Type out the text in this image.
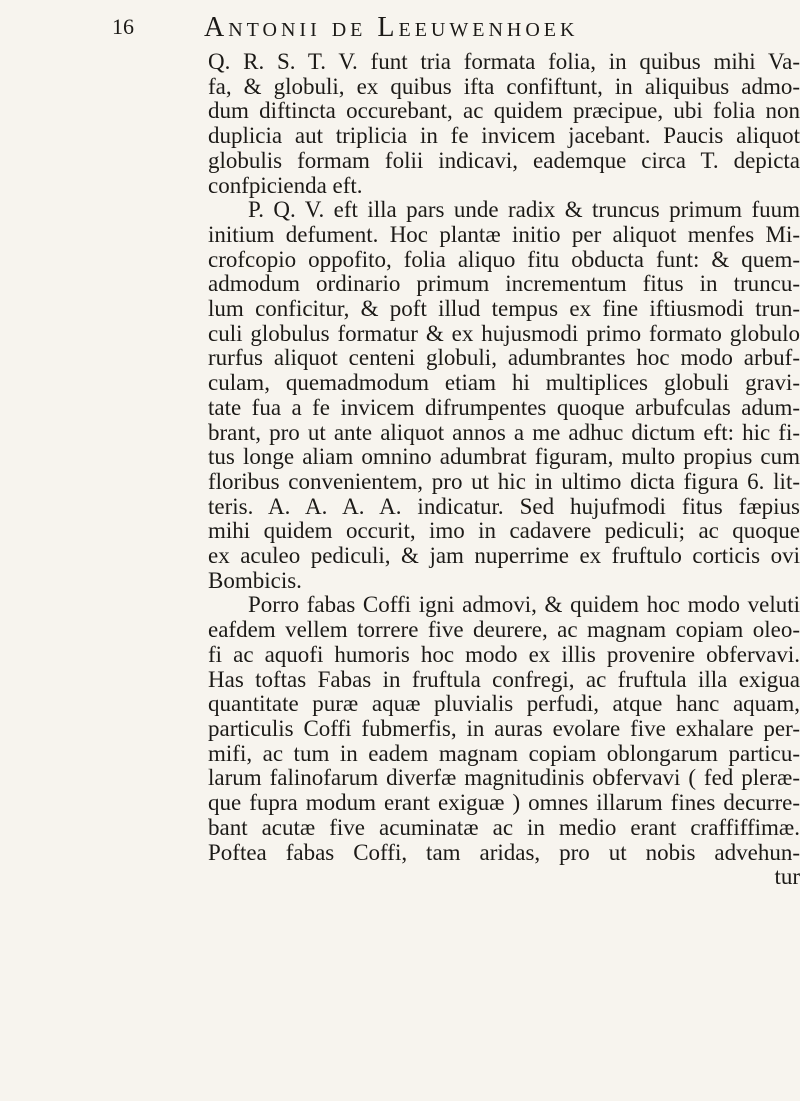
16	Antonii de Leeuwenhoek
Q. R. S. T. V. funt tria formata folia, in quibus mihi Va-
fa, & globuli, ex quibus ifta confiftunt, in aliquibus admo-
dum diftincta occurebant, ac quidem præcipue, ubi folia non
duplicia aut triplicia in fe invicem jacebant. Paucis aliquot
globulis formam folii indicavi, eademque circa T. depicta
confpicienda eft.
P. Q. V. eft illa pars unde radix & truncus primum fuum
initium defument. Hoc plantæ initio per aliquot menfes Mi-
crofcopio oppofito, folia aliquo fitu obducta funt: & quem-
admodum ordinario primum incrementum fitus in truncu-
lum conficitur, & poft illud tempus ex fine iftiusmodi trun-
culi globulus formatur & ex hujusmodi primo formato globulo
rurfus aliquot centeni globuli, adumbrantes hoc modo arbuf-
culam, quemadmodum etiam hi multiplices globuli gravi-
tate fua a fe invicem difrumpentes quoque arbufculas adum-
brant, pro ut ante aliquot annos a me adhuc dictum eft: hic fi-
tus longe aliam omnino adumbrat figuram, multo propius cum
floribus convenientem, pro ut hic in ultimo dicta figura 6. lit-
teris. A. A. A. A. indicatur. Sed hujufmodi fitus fæpius
mihi quidem occurit, imo in cadavere pediculi; ac quoque
ex aculeo pediculi, & jam nuperrime ex fruftulo corticis ovi
Bombicis.
Porro fabas Coffi igni admovi, & quidem hoc modo veluti
eafdem vellem torrere five deurere, ac magnam copiam oleo-
fi ac aquofi humoris hoc modo ex illis provenire obfervavi.
Has toftas Fabas in fruftula confregi, ac fruftula illa exigua
quantitate puræ aquæ pluvialis perfudi, atque hanc aquam,
particulis Coffi fubmerfis, in auras evolare five exhalare per-
mifi, ac tum in eadem magnam copiam oblongarum particu-
larum falinofarum diverfæ magnitudinis obfervavi ( fed pleræ-
que fupra modum erant exiguæ ) omnes illarum fines decurre-
bant acutæ five acuminatæ ac in medio erant craffiffimæ.
Poftea fabas Coffi, tam aridas, pro ut nobis advehun-
tur
